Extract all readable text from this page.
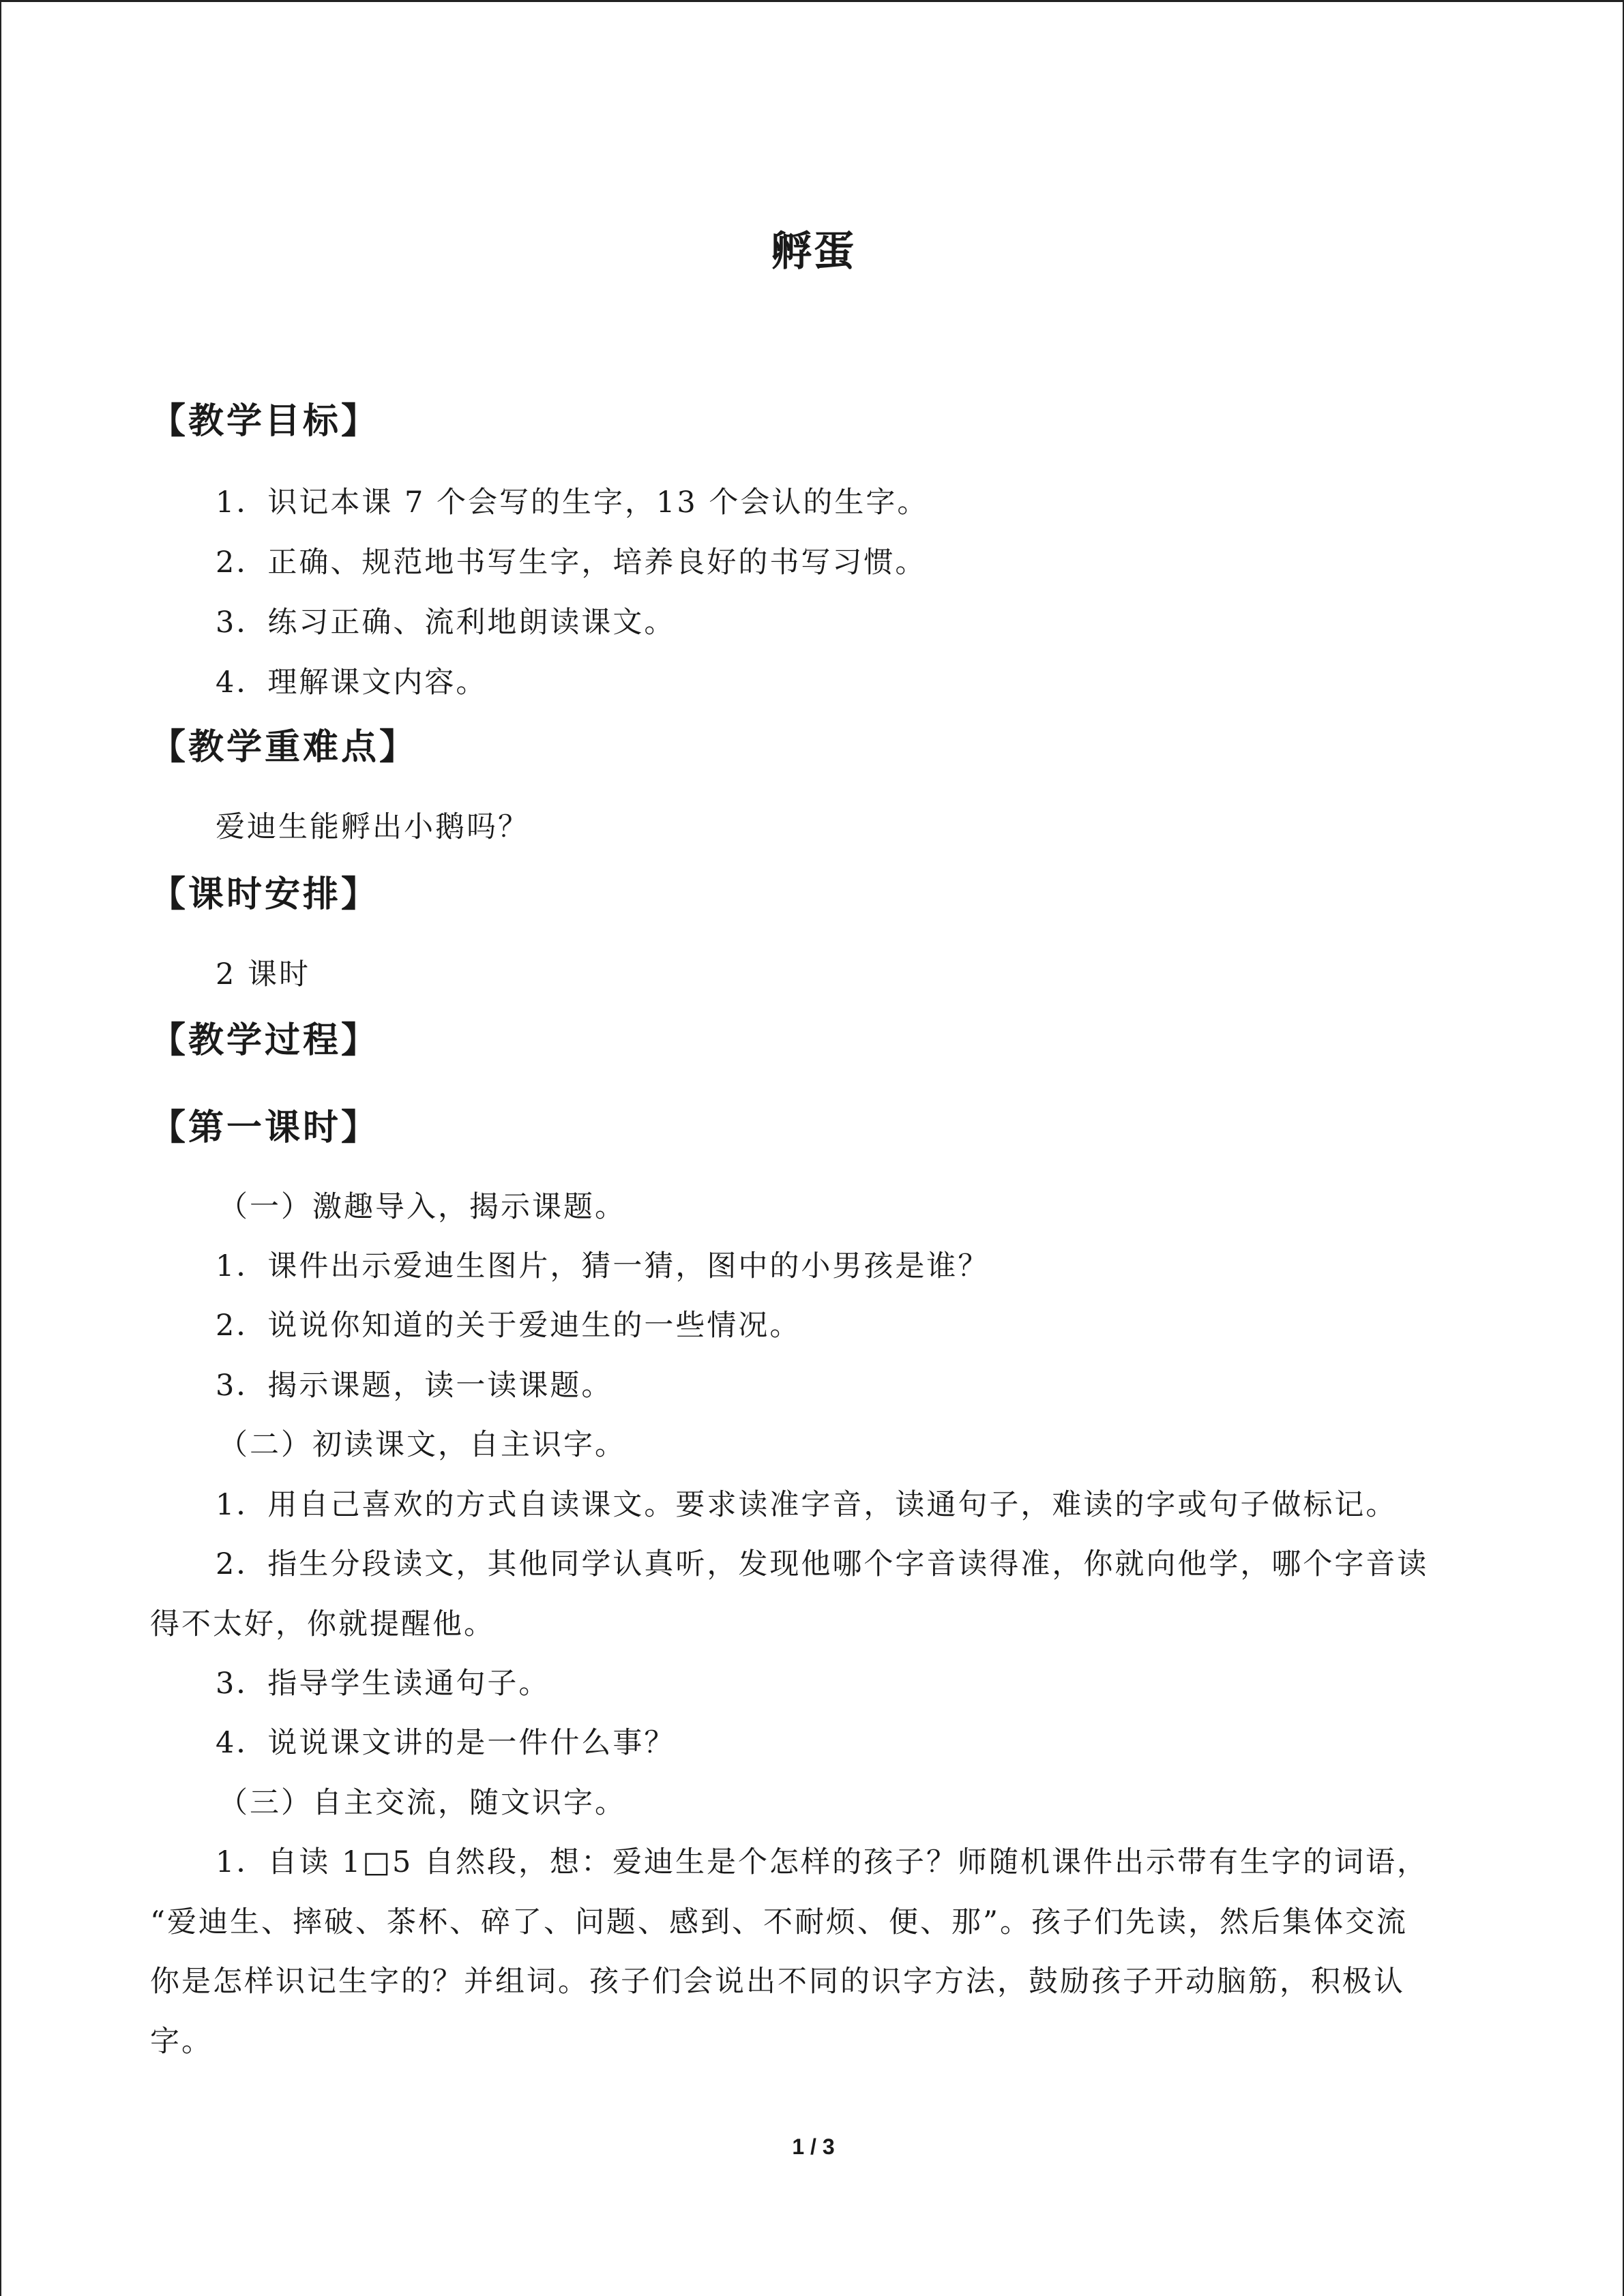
孵蛋
【教学目标】
1．识记本课 7 个会写的生字，13 个会认的生字。
2．正确、规范地书写生字，培养良好的书写习惯。
3．练习正确、流利地朗读课文。
4．理解课文内容。
【教学重难点】
爱迪生能孵出小鹅吗？
【课时安排】
2 课时
【教学过程】
【第一课时】
（一）激趣导入，揭示课题。
1．课件出示爱迪生图片，猜一猜，图中的小男孩是谁？
2．说说你知道的关于爱迪生的一些情况。
3．揭示课题，读一读课题。
（二）初读课文，自主识字。
1．用自己喜欢的方式自读课文。要求读准字音，读通句子，难读的字或句子做标记。
2．指生分段读文，其他同学认真听，发现他哪个字音读得准，你就向他学，哪个字音读
得不太好，你就提醒他。
3．指导学生读通句子。
4．说说课文讲的是一件什么事？
（三）自主交流，随文识字。
1．自读 1□5 自然段，想：爱迪生是个怎样的孩子？师随机课件出示带有生字的词语，
“爱迪生、摔破、茶杯、碎了、问题、感到、不耐烦、便、那”。孩子们先读，然后集体交流
你是怎样识记生字的？并组词。孩子们会说出不同的识字方法，鼓励孩子开动脑筋，积极认
字。
1 / 3
